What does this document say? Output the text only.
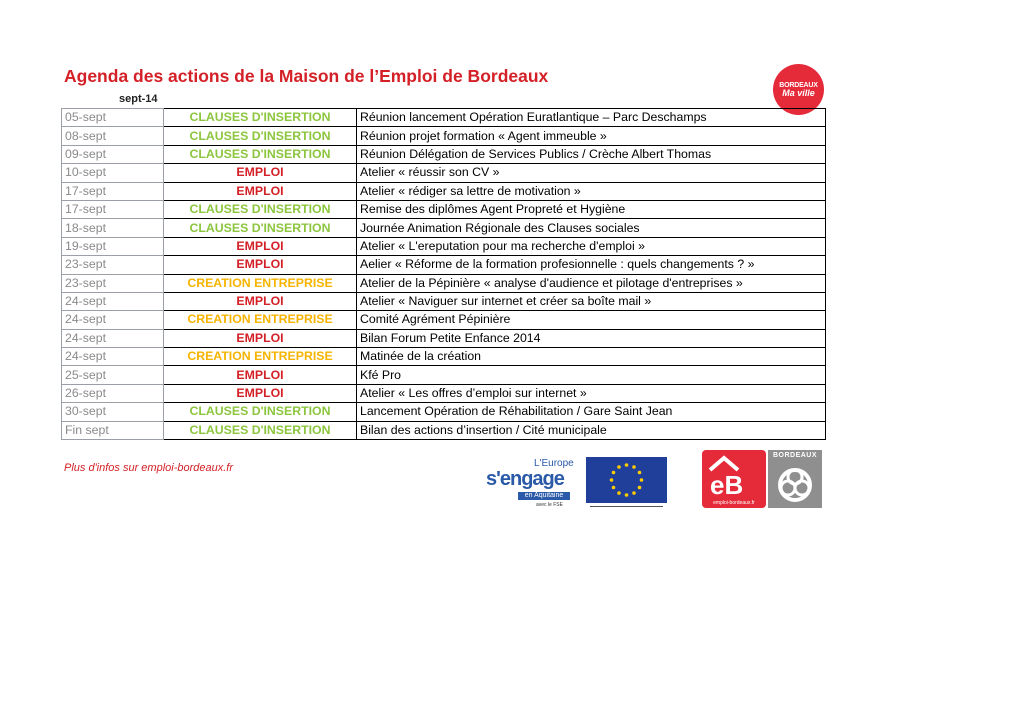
Agenda des actions de la Maison de l’Emploi de Bordeaux	BORDEAUX
Ma ville
sept-14
05-sept	CLAUSES D'INSERTION	Réunion lancement Opération Euratlantique – Parc Deschamps
08-sept	CLAUSES D'INSERTION	Réunion projet formation « Agent immeuble »
09-sept	CLAUSES D'INSERTION	Réunion Délégation de Services Publics / Crèche Albert Thomas
10-sept	EMPLOI	Atelier « réussir son CV »
17-sept	EMPLOI	Atelier « rédiger sa lettre de motivation »
17-sept	CLAUSES D'INSERTION	Remise des diplômes Agent Propreté et Hygiène
18-sept	CLAUSES D'INSERTION	Journée Animation Régionale des Clauses sociales
19-sept	EMPLOI	Atelier « L'ereputation pour ma recherche d'emploi »
23-sept	EMPLOI	Aelier « Réforme de la formation profesionnelle : quels changements ? »
23-sept	CREATION ENTREPRISE	Atelier de la Pépinière « analyse d'audience et pilotage d'entreprises »
24-sept	EMPLOI	Atelier « Naviguer sur internet et créer sa boîte mail »
24-sept	CREATION ENTREPRISE	Comité Agrément Pépinière
24-sept	EMPLOI	Bilan Forum Petite Enfance 2014
24-sept	CREATION ENTREPRISE	Matinée de la création
25-sept	EMPLOI	Kfé Pro
26-sept	EMPLOI	Atelier « Les offres d’emploi sur internet »
30-sept	CLAUSES D'INSERTION	Lancement Opération de Réhabilitation / Gare Saint Jean
Fin sept	CLAUSES D'INSERTION	Bilan des actions d’insertion / Cité municipale
Plus d'infos sur emploi-bordeaux.fr	L'Europe
s'engage
en Aquitaine
avec le FSE
eB
emploi-bordeaux.fr
BORDEAUX
